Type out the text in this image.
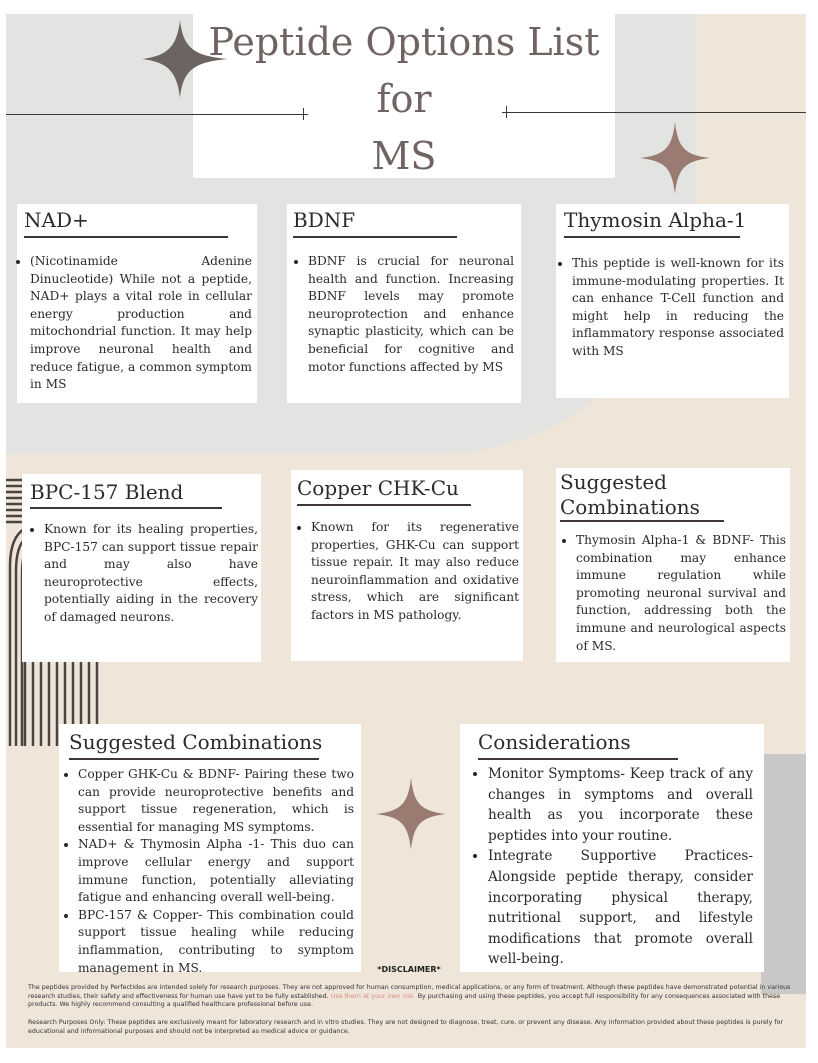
Peptide Options List
for
MS
NAD+
• (Nicotinamide Adenine Dinucleotide) While not a peptide, NAD+ plays a vital role in cellular energy production and mitochondrial function. It may help improve neuronal health and reduce fatigue, a common symptom in MS
BDNF
• BDNF is crucial for neuronal health and function. Increasing BDNF levels may promote neuroprotection and enhance synaptic plasticity, which can be beneficial for cognitive and motor functions affected by MS
Thymosin Alpha-1
• This peptide is well-known for its immune-modulating properties. It can enhance T-Cell function and might help in reducing the inflammatory response associated with MS
BPC-157 Blend
• Known for its healing properties, BPC-157 can support tissue repair and may also have neuroprotective effects, potentially aiding in the recovery of damaged neurons.
Copper CHK-Cu
• Known for its regenerative properties, GHK-Cu can support tissue repair. It may also reduce neuroinflammation and oxidative stress, which are significant factors in MS pathology.
Suggested
Combinations
• Thymosin Alpha-1 & BDNF- This combination may enhance immune regulation while promoting neuronal survival and function, addressing both the immune and neurological aspects of MS.
Suggested Combinations
• Copper GHK-Cu & BDNF- Pairing these two can provide neuroprotective benefits and support tissue regeneration, which is essential for managing MS symptoms.
• NAD+ & Thymosin Alpha -1- This duo can improve cellular energy and support immune function, potentially alleviating fatigue and enhancing overall well-being.
• BPC-157 & Copper- This combination could support tissue healing while reducing inflammation, contributing to symptom management in MS.
Considerations
• Monitor Symptoms- Keep track of any changes in symptoms and overall health as you incorporate these peptides into your routine.
• Integrate Supportive Practices- Alongside peptide therapy, consider incorporating physical therapy, nutritional support, and lifestyle modifications that promote overall well-being.
*DISCLAIMER*
The peptides provided by Perfectides are intended solely for research purposes. They are not approved for human consumption, medical applications, or any form of treatment. Although these peptides have demonstrated potential in various research studies, their safety and effectiveness for human use have yet to be fully established. Use them at your own risk. By purchasing and using these peptides, you accept full responsibility for any consequences associated with these products. We highly recommend consulting a qualified healthcare professional before use.
Research Purposes Only: These peptides are exclusively meant for laboratory research and in vitro studies. They are not designed to diagnose, treat, cure, or prevent any disease. Any information provided about these peptides is purely for educational and informational purposes and should not be interpreted as medical advice or guidance.
